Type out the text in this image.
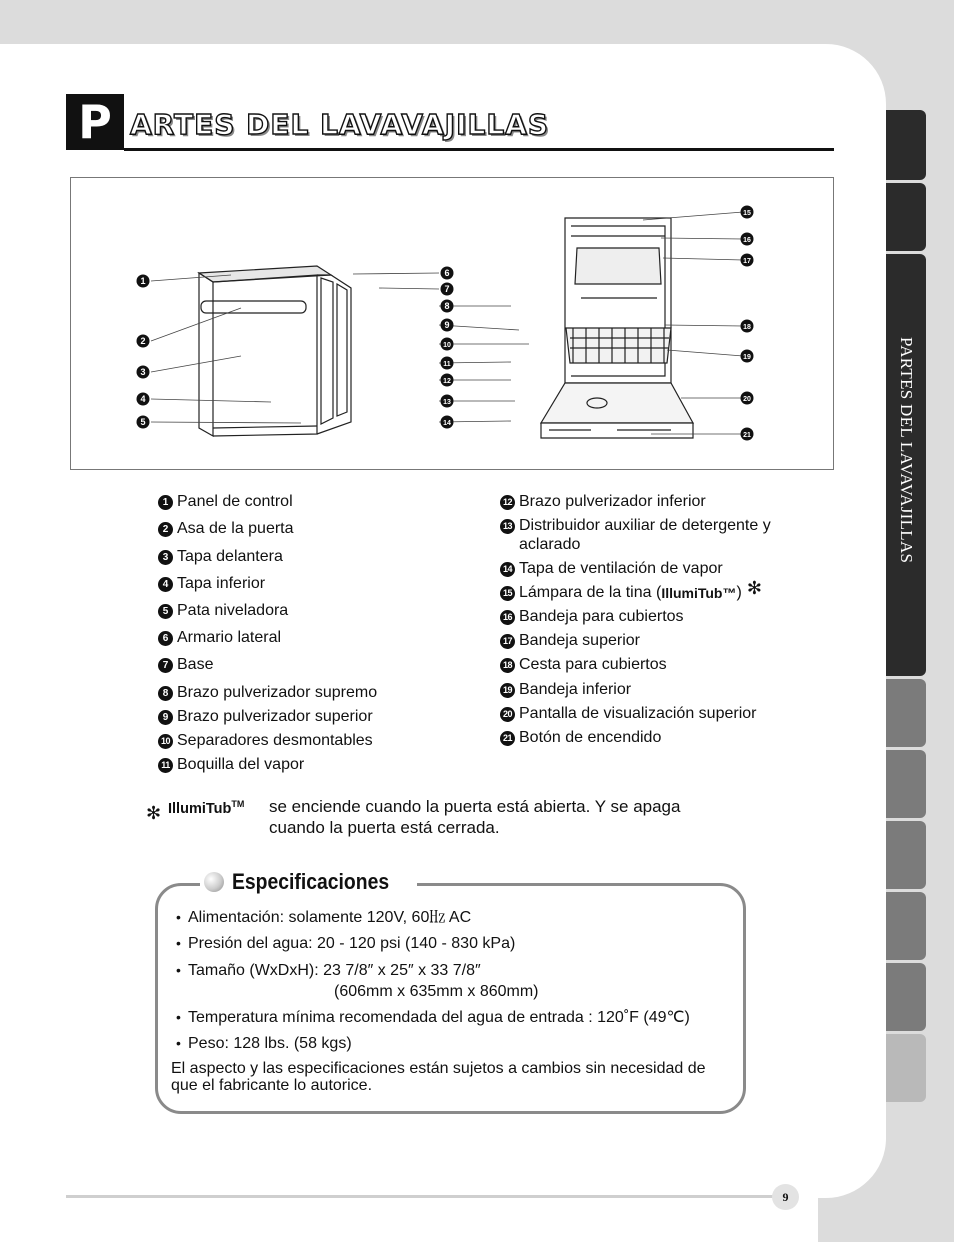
PARTES DEL LAVAVAJILLAS
P ARTES DEL LAVAVAJILLAS
1
2
3
4
5
6
7
8
9
10
11
12
13
14
15
16
17
18
19
20
21
1 Panel de control
2 Asa de la puerta
3 Tapa delantera
4 Tapa inferior
5 Pata niveladora
6 Armario lateral
7 Base
8 Brazo pulverizador supremo
9 Brazo pulverizador superior
10 Separadores desmontables
11 Boquilla del vapor
12 Brazo pulverizador inferior
13 Distribuidor auxiliar de detergente y
aclarado
14 Tapa de ventilación de vapor
15 Lámpara de la tina ( IllumiTub™ ) ✻
16 Bandeja para cubiertos
17 Bandeja superior
18 Cesta para cubiertos
19 Bandeja inferior
20 Pantalla de visualización superior
21 Botón de encendido
✻ IllumiTub™ se enciende cuando la puerta está abierta. Y se apaga
cuando la puerta está cerrada.
Especificaciones
• Alimentación: solamente 120V, 60㎐ AC
• Presión del agua: 20 - 120 psi (140 - 830 kPa)
• Tamaño (WxDxH): 23 7/8″ x 25″ x 33 7/8″
(606mm x 635mm x 860mm)
• Temperatura mínima recomendada del agua de entrada : 120˚F (49℃)
• Peso: 128 lbs. (58 kgs)
El aspecto y las especificaciones están sujetos a cambios sin necesidad de que el fabricante lo autorice.
9
